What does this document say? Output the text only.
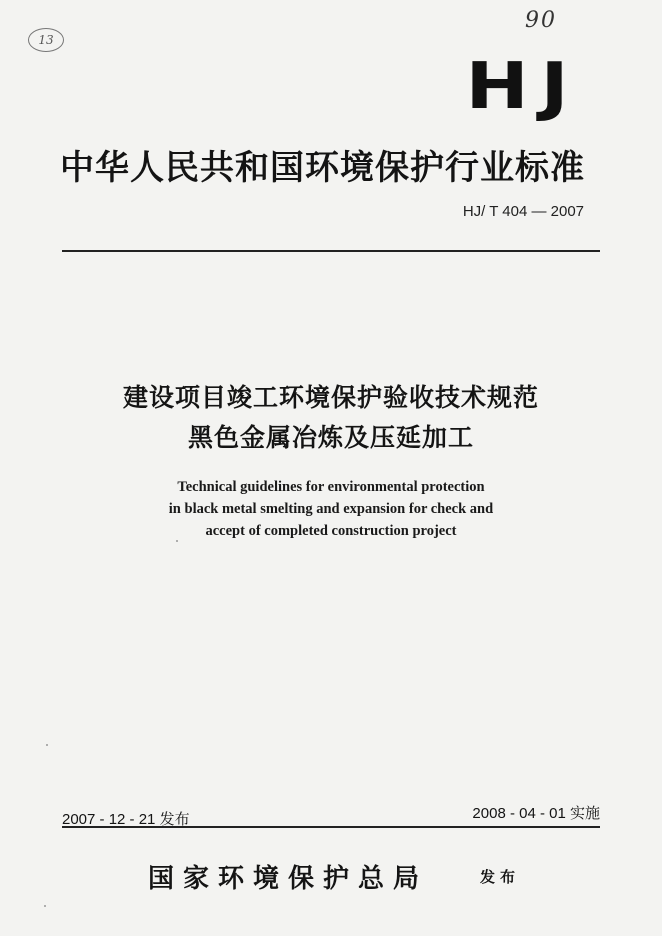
90
13
HJ
中华人民共和国环境保护行业标准
HJ/ T 404 — 2007
建设项目竣工环境保护验收技术规范
黑色金属冶炼及压延加工
Technical guidelines for environmental protection
in black metal smelting and expansion for check and
accept of completed construction project
2007 - 12 - 21 发布	2008 - 04 - 01 实施
国家环境保护总局	发布
